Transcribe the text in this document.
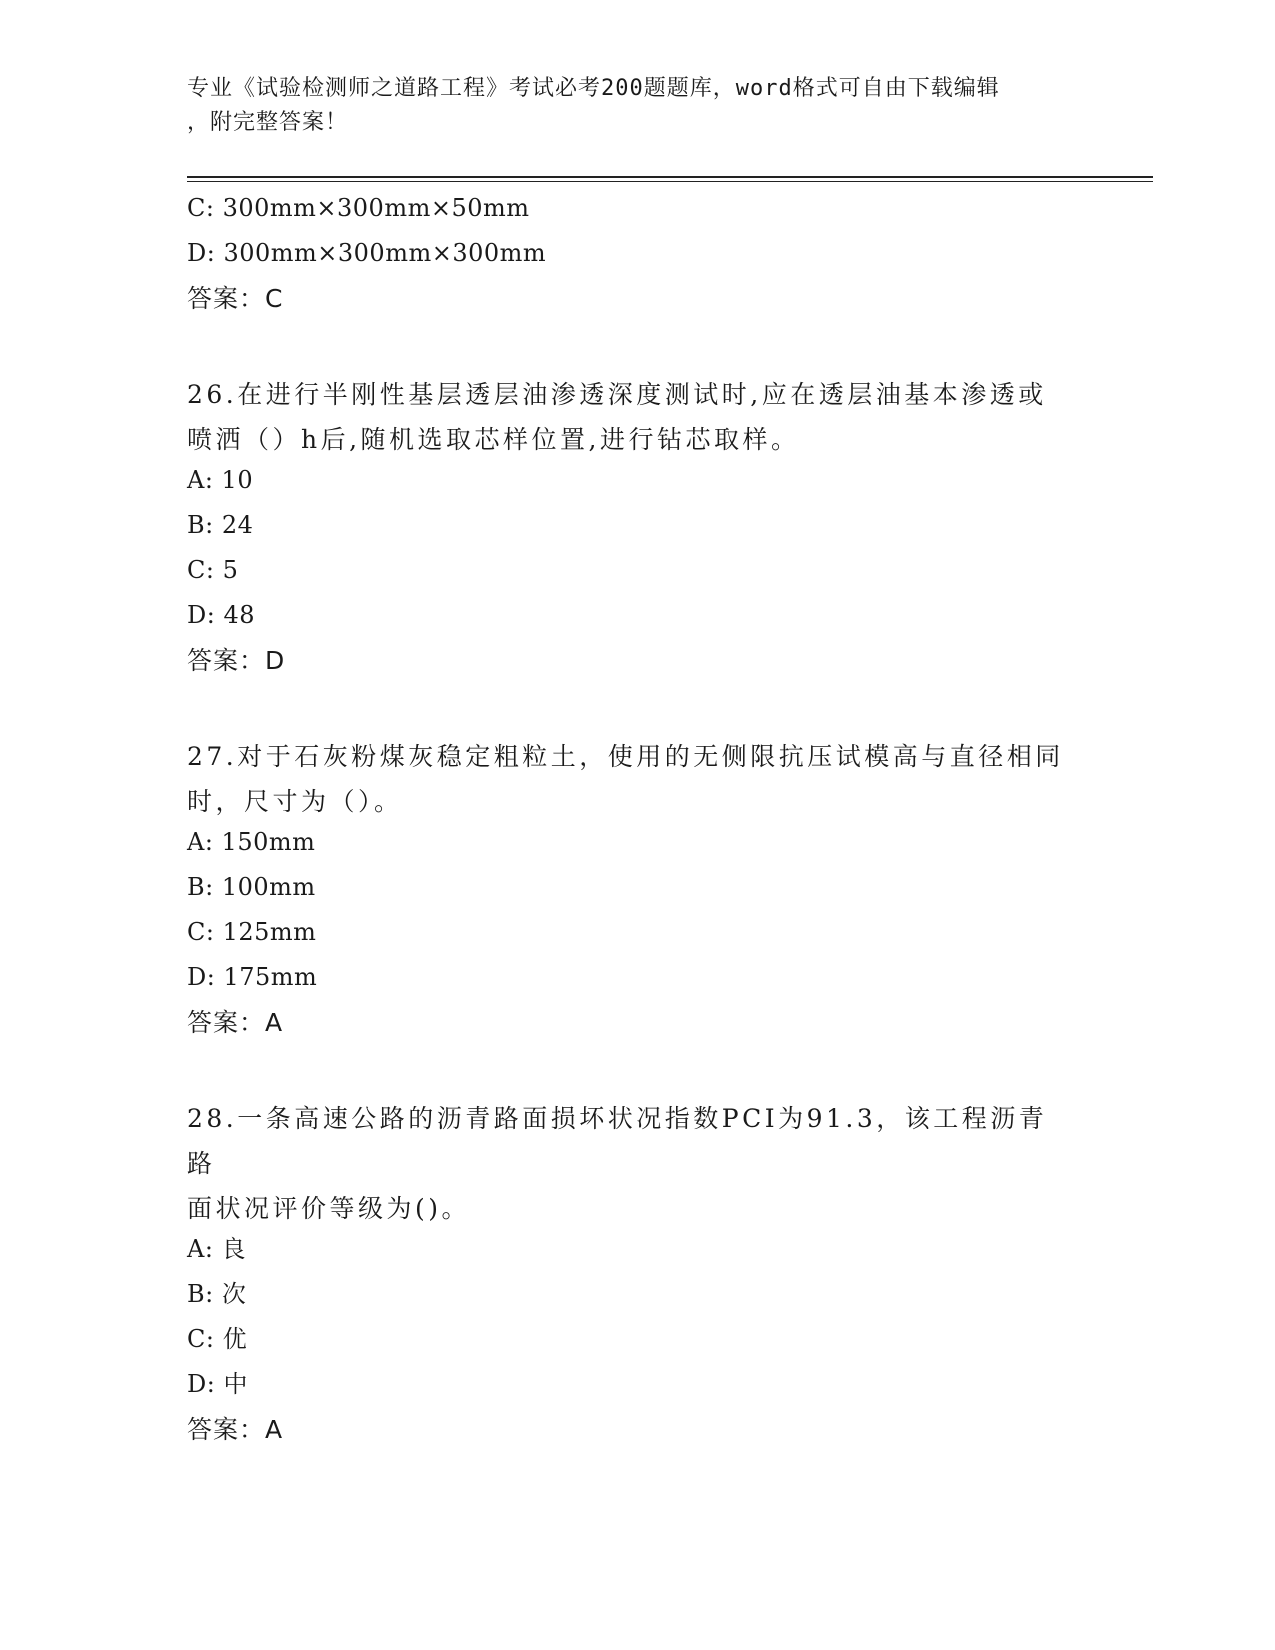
专业《试验检测师之道路工程》考试必考200题题库，word格式可自由下载编辑
，附完整答案！
C: 300mm×300mm×50mm
D: 300mm×300mm×300mm
答案：C
26.在进行半刚性基层透层油渗透深度测试时,应在透层油基本渗透或
喷洒（）h后,随机选取芯样位置,进行钻芯取样。
A: 10
B: 24
C: 5
D: 48
答案：D
27.对于石灰粉煤灰稳定粗粒土，使用的无侧限抗压试模高与直径相同
时，尺寸为（）。
A: 150mm
B: 100mm
C: 125mm
D: 175mm
答案：A
28.一条高速公路的沥青路面损坏状况指数PCI为91.3，该工程沥青路
面状况评价等级为()。
A: 良
B: 次
C: 优
D: 中
答案：A
